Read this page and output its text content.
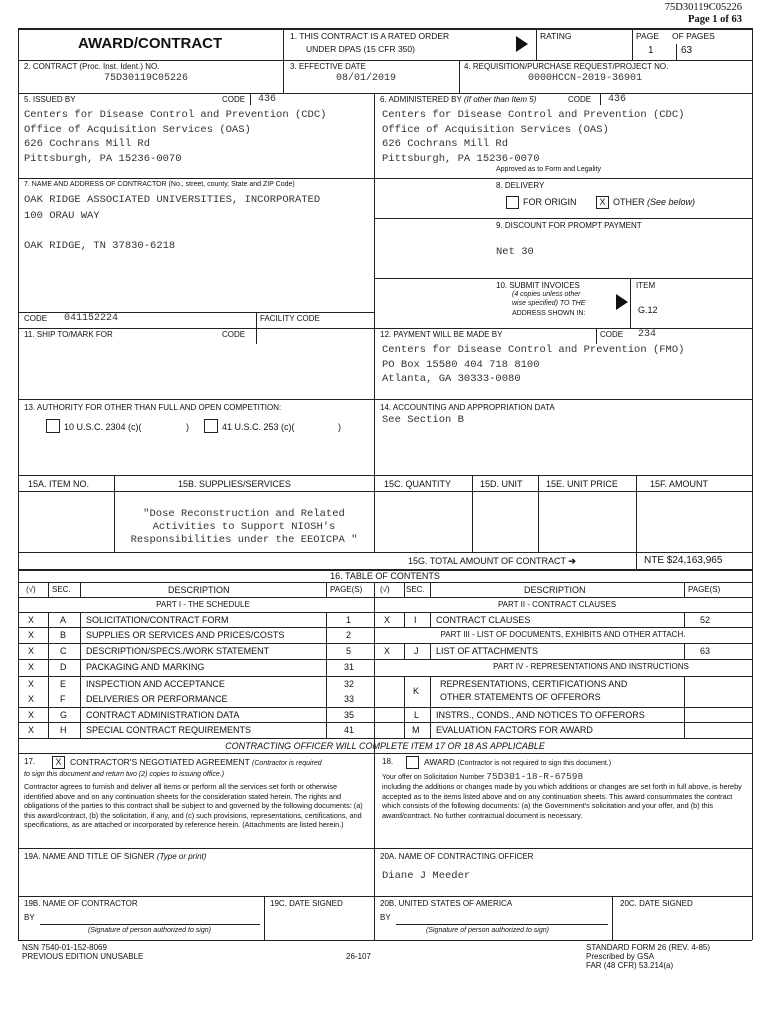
75D30119C05226
Page 1 of 63
AWARD/CONTRACT	1. THIS CONTRACT IS A RATED ORDER
UNDER DPAS (15 CFR 350)
RATING	PAGE OF PAGES
1	63
2. CONTRACT (Proc. Inst. Ident.) NO.
75D30119C05226
3. EFFECTIVE DATE
08/01/2019
4. REQUISITION/PURCHASE REQUEST/PROJECT NO.
0000HCCN-2019-36901
5. ISSUED BY	CODE 436
Centers for Disease Control and Prevention (CDC)
Office of Acquisition Services (OAS)
626 Cochrans Mill Rd
Pittsburgh, PA 15236-0070
6. ADMINISTERED BY (If other than Item 5)	CODE 436
Centers for Disease Control and Prevention (CDC)
Office of Acquisition Services (OAS)
626 Cochrans Mill Rd
Pittsburgh, PA 15236-0070
Approved as to Form and Legality
7. NAME AND ADDRESS OF CONTRACTOR (No., street, county, State and ZIP Code)
OAK RIDGE ASSOCIATED UNIVERSITIES, INCORPORATED
100 ORAU WAY
OAK RIDGE, TN 37830-6218
CODE 041152224	FACILITY CODE
8. DELIVERY
FOR ORIGIN	X OTHER (See below)
9. DISCOUNT FOR PROMPT PAYMENT
Net 30
10. SUBMIT INVOICES
(4 copies unless other
wise specified) TO THE
ADDRESS SHOWN IN:
ITEM
G.12
11. SHIP TO/MARK FOR	CODE	12. PAYMENT WILL BE MADE BY	CODE 234
Centers for Disease Control and Prevention (FMO)
PO Box 15580 404 718 8100
Atlanta, GA 30333-0080
13. AUTHORITY FOR OTHER THAN FULL AND OPEN COMPETITION:
10 U.S.C. 2304 (c)(	)	41 U.S.C. 253 (c)(	)
14. ACCOUNTING AND APPROPRIATION DATA
See Section B
15A. ITEM NO.	15B. SUPPLIES/SERVICES	15C. QUANTITY	15D. UNIT	15E. UNIT PRICE	15F. AMOUNT
"Dose Reconstruction and Related
Activities to Support NIOSH's
Responsibilities under the EEOICPA "
15G. TOTAL AMOUNT OF CONTRACT ➔	NTE $24,163,965
16. TABLE OF CONTENTS
(√) SEC.	DESCRIPTION	PAGE(S) (√) SEC.	DESCRIPTION	PAGE(S)
PART I - THE SCHEDULE	PART II - CONTRACT CLAUSES
X	A SOLICITATION/CONTRACT FORM	1
X	B SUPPLIES OR SERVICES AND PRICES/COSTS	2
X	C DESCRIPTION/SPECS./WORK STATEMENT	5
X	D PACKAGING AND MARKING	31
X	E INSPECTION AND ACCEPTANCE	32
X	F DELIVERIES OR PERFORMANCE	33
X	G CONTRACT ADMINISTRATION DATA	35
X	H SPECIAL CONTRACT REQUIREMENTS	41
X	I CONTRACT CLAUSES	52
PART III - LIST OF DOCUMENTS, EXHIBITS AND OTHER ATTACH.
X	J LIST OF ATTACHMENTS	63
PART IV - REPRESENTATIONS AND INSTRUCTIONS
K
REPRESENTATIONS, CERTIFICATIONS AND
OTHER STATEMENTS OF OFFERORS
L INSTRS., CONDS., AND NOTICES TO OFFERORS
M EVALUATION FACTORS FOR AWARD
CONTRACTING OFFICER WILL COMPLETE ITEM 17 OR 18 AS APPLICABLE
17.	X	CONTRACTOR'S NEGOTIATED AGREEMENT (Contractor is required
to sign this document and return two (2) copies to issuing office.)
Contractor agrees to furnish and deliver all items or perform all the services set forth or otherwise identified above and on any continuation sheets for the consideration stated herein. The rights and obligations of the parties to this contract shall be subject to and governed by the following documents: (a) this award/contract, (b) the solicitation, if any, and (c) such provisions, representations, certifications, and specifications, as are attached or incorporated by reference herein. (Attachments are listed herein.)
18.	AWARD (Contractor is not required to sign this document.)
Your offer on Solicitation Number 75D301-18-R-67598
including the additions or changes made by you which additions or changes are set forth in full above, is hereby accepted as to the items listed above and on any continuation sheets. This award consummates the contract which consists of the following documents: (a) the Government's solicitation and your offer, and (b) this award/contract. No further contractual document is necessary.
19A. NAME AND TITLE OF SIGNER (Type or print)	20A. NAME OF CONTRACTING OFFICER
Diane J Meeder
19B. NAME OF CONTRACTOR
BY
(Signature of person authorized to sign)
19C. DATE SIGNED	20B. UNITED STATES OF AMERICA
BY
(Signature of person authorized to sign)
20C. DATE SIGNED
NSN 7540-01-152-8069
PREVIOUS EDITION UNUSABLE	26-107
STANDARD FORM 26 (REV. 4-85)
Prescribed by GSA
FAR (48 CFR) 53.214(a)
